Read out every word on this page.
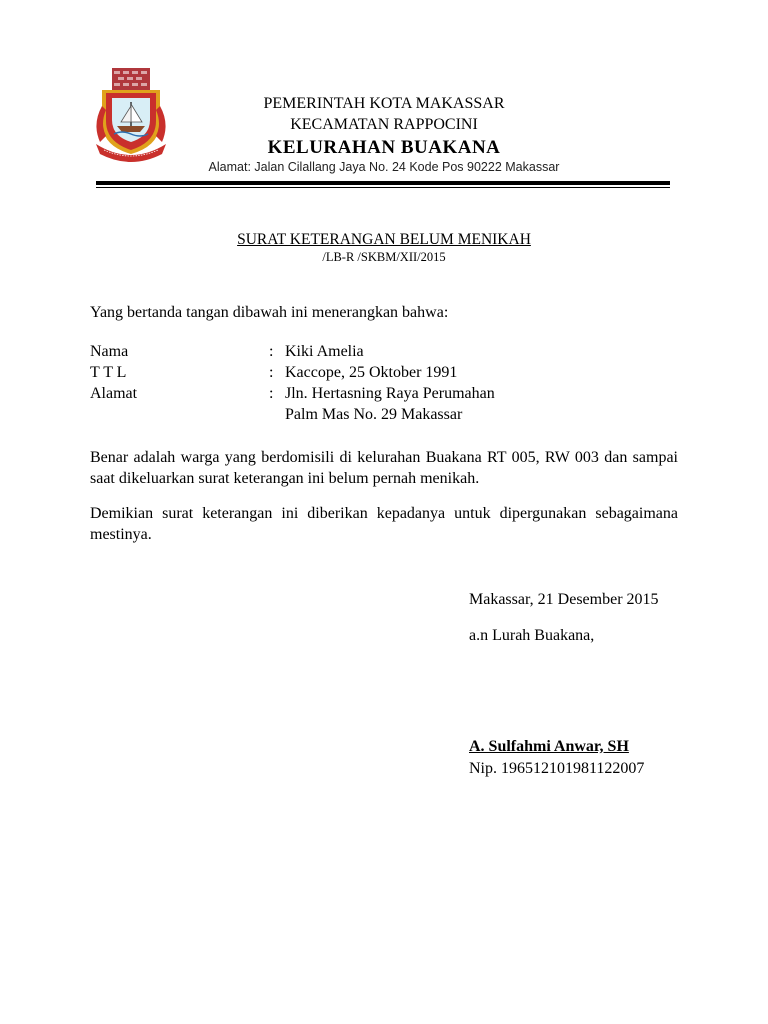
PEMERINTAH KOTA MAKASSAR
KECAMATAN RAPPOCINI
KELURAHAN BUAKANA
Alamat: Jalan Cilallang Jaya No. 24 Kode Pos 90222 Makassar
SURAT KETERANGAN BELUM MENIKAH
/LB-R /SKBM/XII/2015
Yang bertanda tangan dibawah ini menerangkan bahwa:
Nama	: Kiki Amelia
T T L	: Kaccope, 25 Oktober 1991
Alamat	: Jln. Hertasning Raya Perumahan
Palm Mas No. 29 Makassar
Benar adalah warga yang berdomisili di kelurahan Buakana RT 005, RW 003 dan sampai saat dikeluarkan surat keterangan ini belum pernah menikah.
Demikian surat keterangan ini diberikan kepadanya untuk dipergunakan sebagaimana mestinya.
Makassar, 21 Desember 2015
a.n Lurah Buakana,
A. Sulfahmi Anwar, SH
Nip. 196512101981122007
